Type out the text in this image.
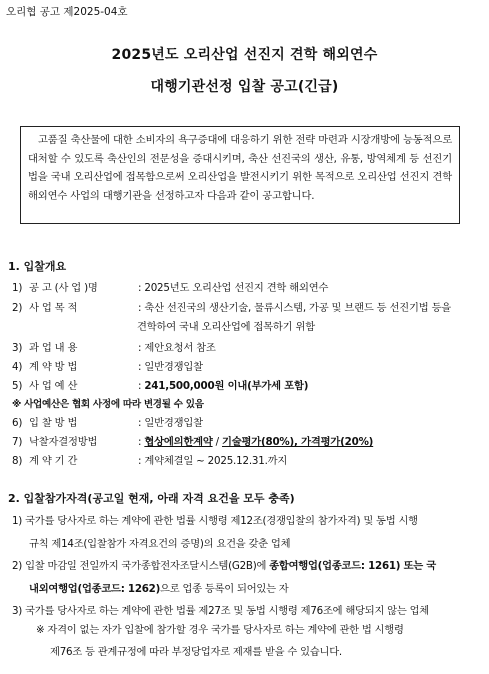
오리협 공고 제2025-04호
2025년도 오리산업 선진지 견학 해외연수
대행기관선정 입찰 공고(긴급)
고품질 축산물에 대한 소비자의 욕구증대에 대응하기 위한 전략 마련과 시장개방에 능동적으로 대처할 수 있도록 축산인의 전문성을 증대시키며, 축산 선진국의 생산, 유통, 방역체계 등 선진기법을 국내 오리산업에 접목함으로써 오리산업을 발전시키기 위한 목적으로 오리산업 선진지 견학 해외연수 사업의 대행기관을 선정하고자 다음과 같이 공고합니다.
1. 입찰개요
1) 공 고 (사 업 )명	: 2025년도 오리산업 선진지 견학 해외연수
2) 사 업 목 적	: 축산 선진국의 생산기술, 물류시스템, 가공 및 브랜드 등 선진기법 등을
견학하여 국내 오리산업에 접목하기 위함
3) 과 업 내 용	: 제안요청서 참조
4) 계 약 방 법	: 일반경쟁입찰
5) 사 업 예 산	: 241,500,000원 이내(부가세 포함)
※ 사업예산은 협회 사정에 따라 변경될 수 있음
6) 입 찰 방 법	: 일반경쟁입찰
7) 낙찰자결정방법	: 협상에의한계약 / 기술평가(80%), 가격평가(20%)
8) 계 약 기 간	: 계약체결일 ~ 2025.12.31.까지
2. 입찰참가자격(공고일 현재, 아래 자격 요건을 모두 충족)
1) 국가를 당사자로 하는 계약에 관한 법률 시행령 제12조(경쟁입찰의 참가자격) 및 동법 시행
규칙 제14조(입찰참가 자격요건의 증명)의 요건을 갖춘 업체
2) 입찰 마감일 전일까지 국가종합전자조달시스템(G2B)에 종합여행업(업종코드: 1261) 또는 국
내외여행업(업종코드: 1262)으로 업종 등록이 되어있는 자
3) 국가를 당사자로 하는 계약에 관한 법률 제27조 및 동법 시행령 제76조에 해당되지 않는 업체
※ 자격이 없는 자가 입찰에 참가할 경우 국가를 당사자로 하는 계약에 관한 법 시행령
제76조 등 관계규정에 따라 부정당업자로 제재를 받을 수 있습니다.
